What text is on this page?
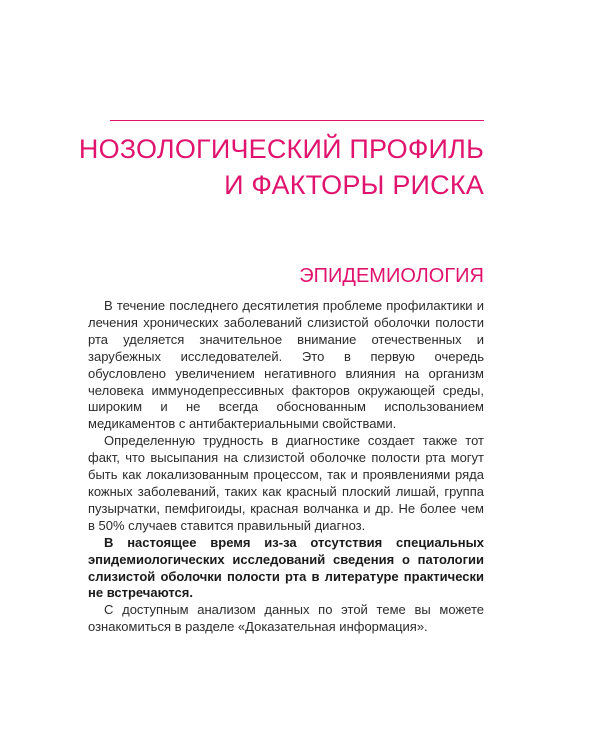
НОЗОЛОГИЧЕСКИЙ ПРОФИЛЬ
И ФАКТОРЫ РИСКА
ЭПИДЕМИОЛОГИЯ

В течение последнего десятилетия проблеме профилактики и лечения хронических заболеваний слизистой оболочки полости рта уделяется значительное внимание отечественных и зарубежных исследователей. Это в первую очередь обусловлено увеличением негативного влияния на организм человека иммунодепрессивных факторов окружающей среды, широким и не всегда обоснованным использованием медикаментов с антибактериальными свойствами.

Определенную трудность в диагностике создает также тот факт, что высыпания на слизистой оболочке полости рта могут быть как локализованным процессом, так и проявлениями ряда кожных заболеваний, таких как красный плоский лишай, группа пузырчатки, пемфигоиды, красная волчанка и др. Не более чем в 50% случаев ставится правильный диагноз.

В настоящее время из-за отсутствия специальных эпидемиологических исследований сведения о патологии слизистой оболочки полости рта в литературе практически не встречаются.

С доступным анализом данных по этой теме вы можете ознакомиться в разделе «Доказательная информация».
